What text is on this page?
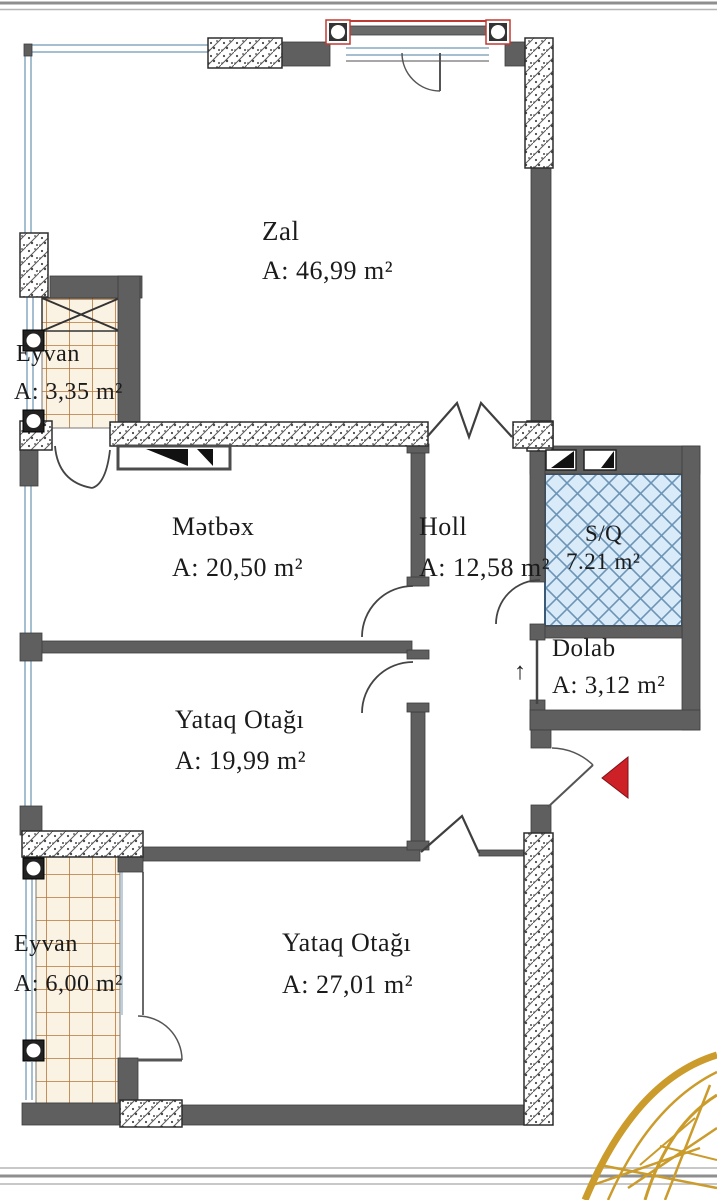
Zal
A: 46,99 m²
Eyvan
A: 3,35 m²
Mətbəx
A: 20,50 m²
Holl
A: 12,58 m²
S/Q
7.21 m²
Dolab
A: 3,12 m²
Yataq Otağı
A: 19,99 m²
Eyvan
A: 6,00 m²
Yataq Otağı
A: 27,01 m²
↑
